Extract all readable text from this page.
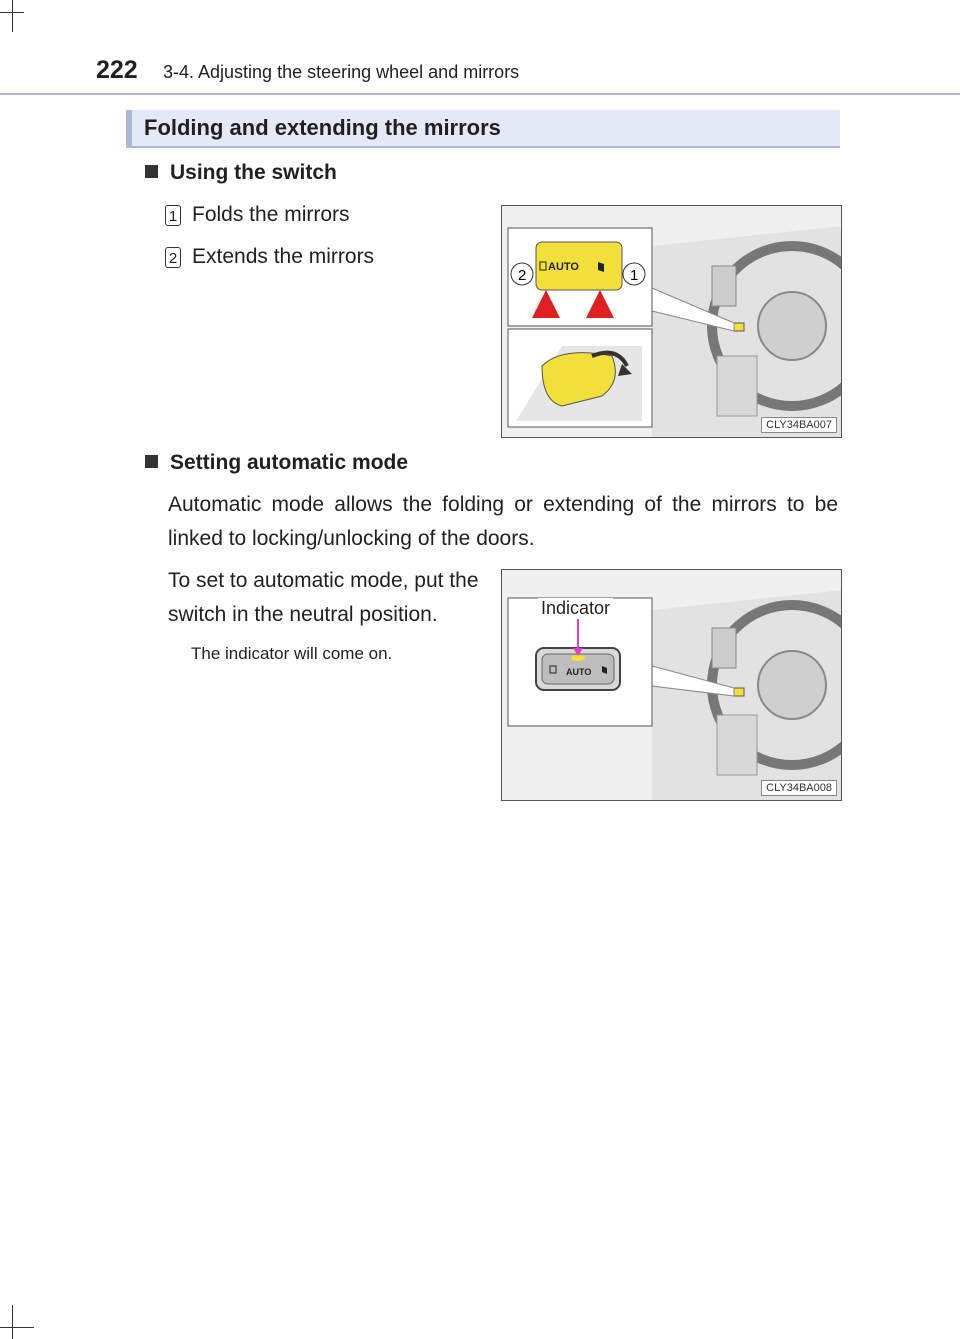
222 3-4. Adjusting the steering wheel and mirrors
Folding and extending the mirrors
Using the switch
1 Folds the mirrors
2 Extends the mirrors	AUTO
2	1
CLY34BA007
Setting automatic mode
Automatic mode allows the folding or extending of the mirrors to be
linked to locking/unlocking of the doors.
To set to automatic mode, put the
switch in the neutral position.
The indicator will come on.
AUTO
Indicator
CLY34BA008
